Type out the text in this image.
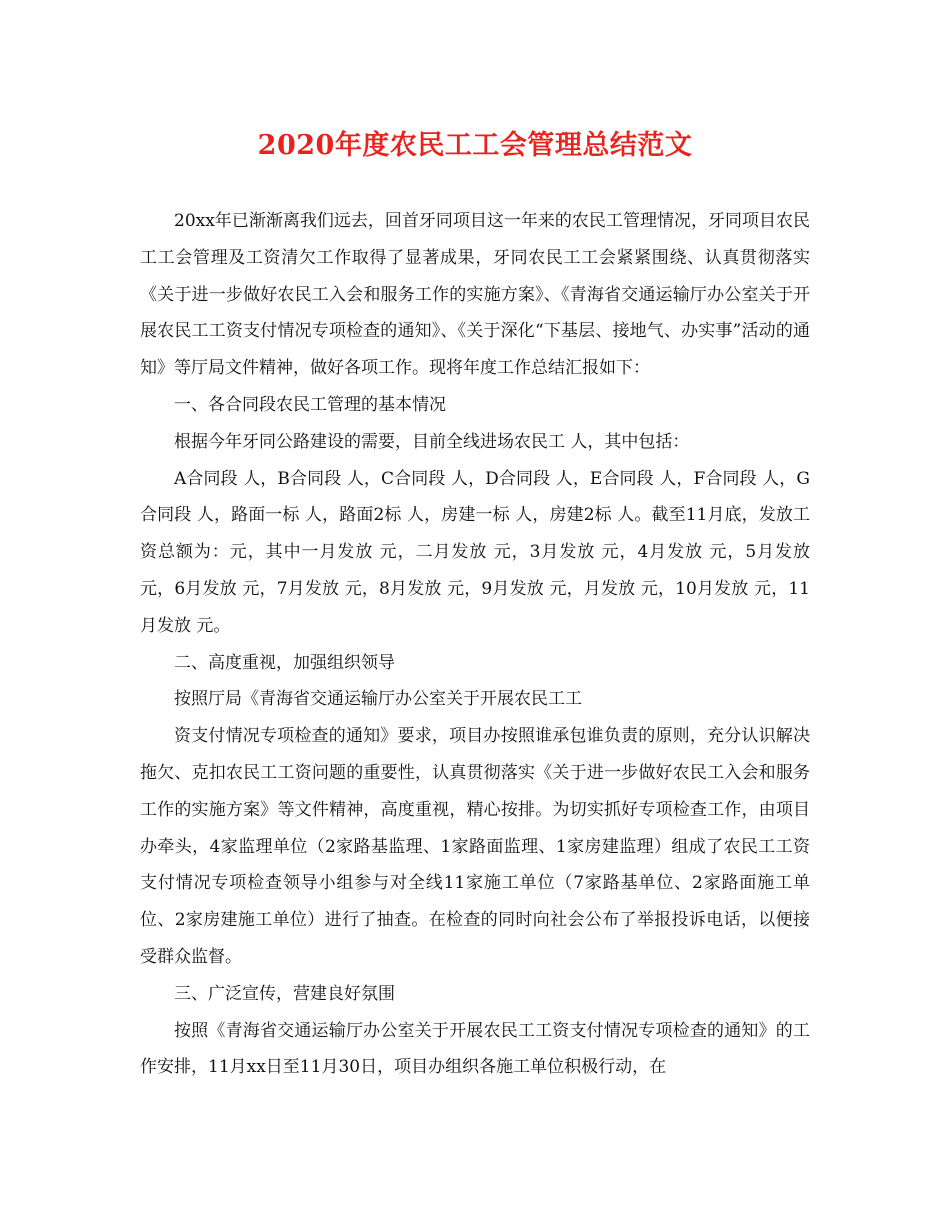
2020年度农民工工会管理总结范文

20xx年已渐渐离我们远去，回首牙同项目这一年来的农民工管理情况，牙同项目农民工工会管理及工资清欠工作取得了显著成果，牙同农民工工会紧紧围绕、认真贯彻落实《关于进一步做好农民工入会和服务工作的实施方案》、《青海省交通运输厅办公室关于开展农民工工资支付情况专项检查的通知》、《关于深化“下基层、接地气、办实事”活动的通知》等厅局文件精神，做好各项工作。现将年度工作总结汇报如下：

一、各合同段农民工管理的基本情况

根据今年牙同公路建设的需要，目前全线进场农民工 人，其中包括：

A合同段 人，B合同段 人，C合同段 人，D合同段 人，E合同段 人，F合同段 人，G合同段 人，路面一标 人，路面2标 人，房建一标 人，房建2标 人。截至11月底，发放工资总额为：元，其中一月发放 元，二月发放 元，3月发放 元，4月发放 元，5月发放 元，6月发放 元，7月发放 元，8月发放 元，9月发放 元，月发放 元，10月发放 元，11月发放 元。

二、高度重视，加强组织领导

按照厅局《青海省交通运输厅办公室关于开展农民工工

资支付情况专项检查的通知》要求，项目办按照谁承包谁负责的原则，充分认识解决拖欠、克扣农民工工资问题的重要性，认真贯彻落实《关于进一步做好农民工入会和服务工作的实施方案》等文件精神，高度重视，精心按排。为切实抓好专项检查工作，由项目办牵头，4家监理单位（2家路基监理、1家路面监理、1家房建监理）组成了农民工工资支付情况专项检查领导小组参与对全线11家施工单位（7家路基单位、2家路面施工单位、2家房建施工单位）进行了抽查。在检查的同时向社会公布了举报投诉电话，以便接受群众监督。

三、广泛宣传，营建良好氛围

按照《青海省交通运输厅办公室关于开展农民工工资支付情况专项检查的通知》的工作安排，11月xx日至11月30日，项目办组织各施工单位积极行动，在
